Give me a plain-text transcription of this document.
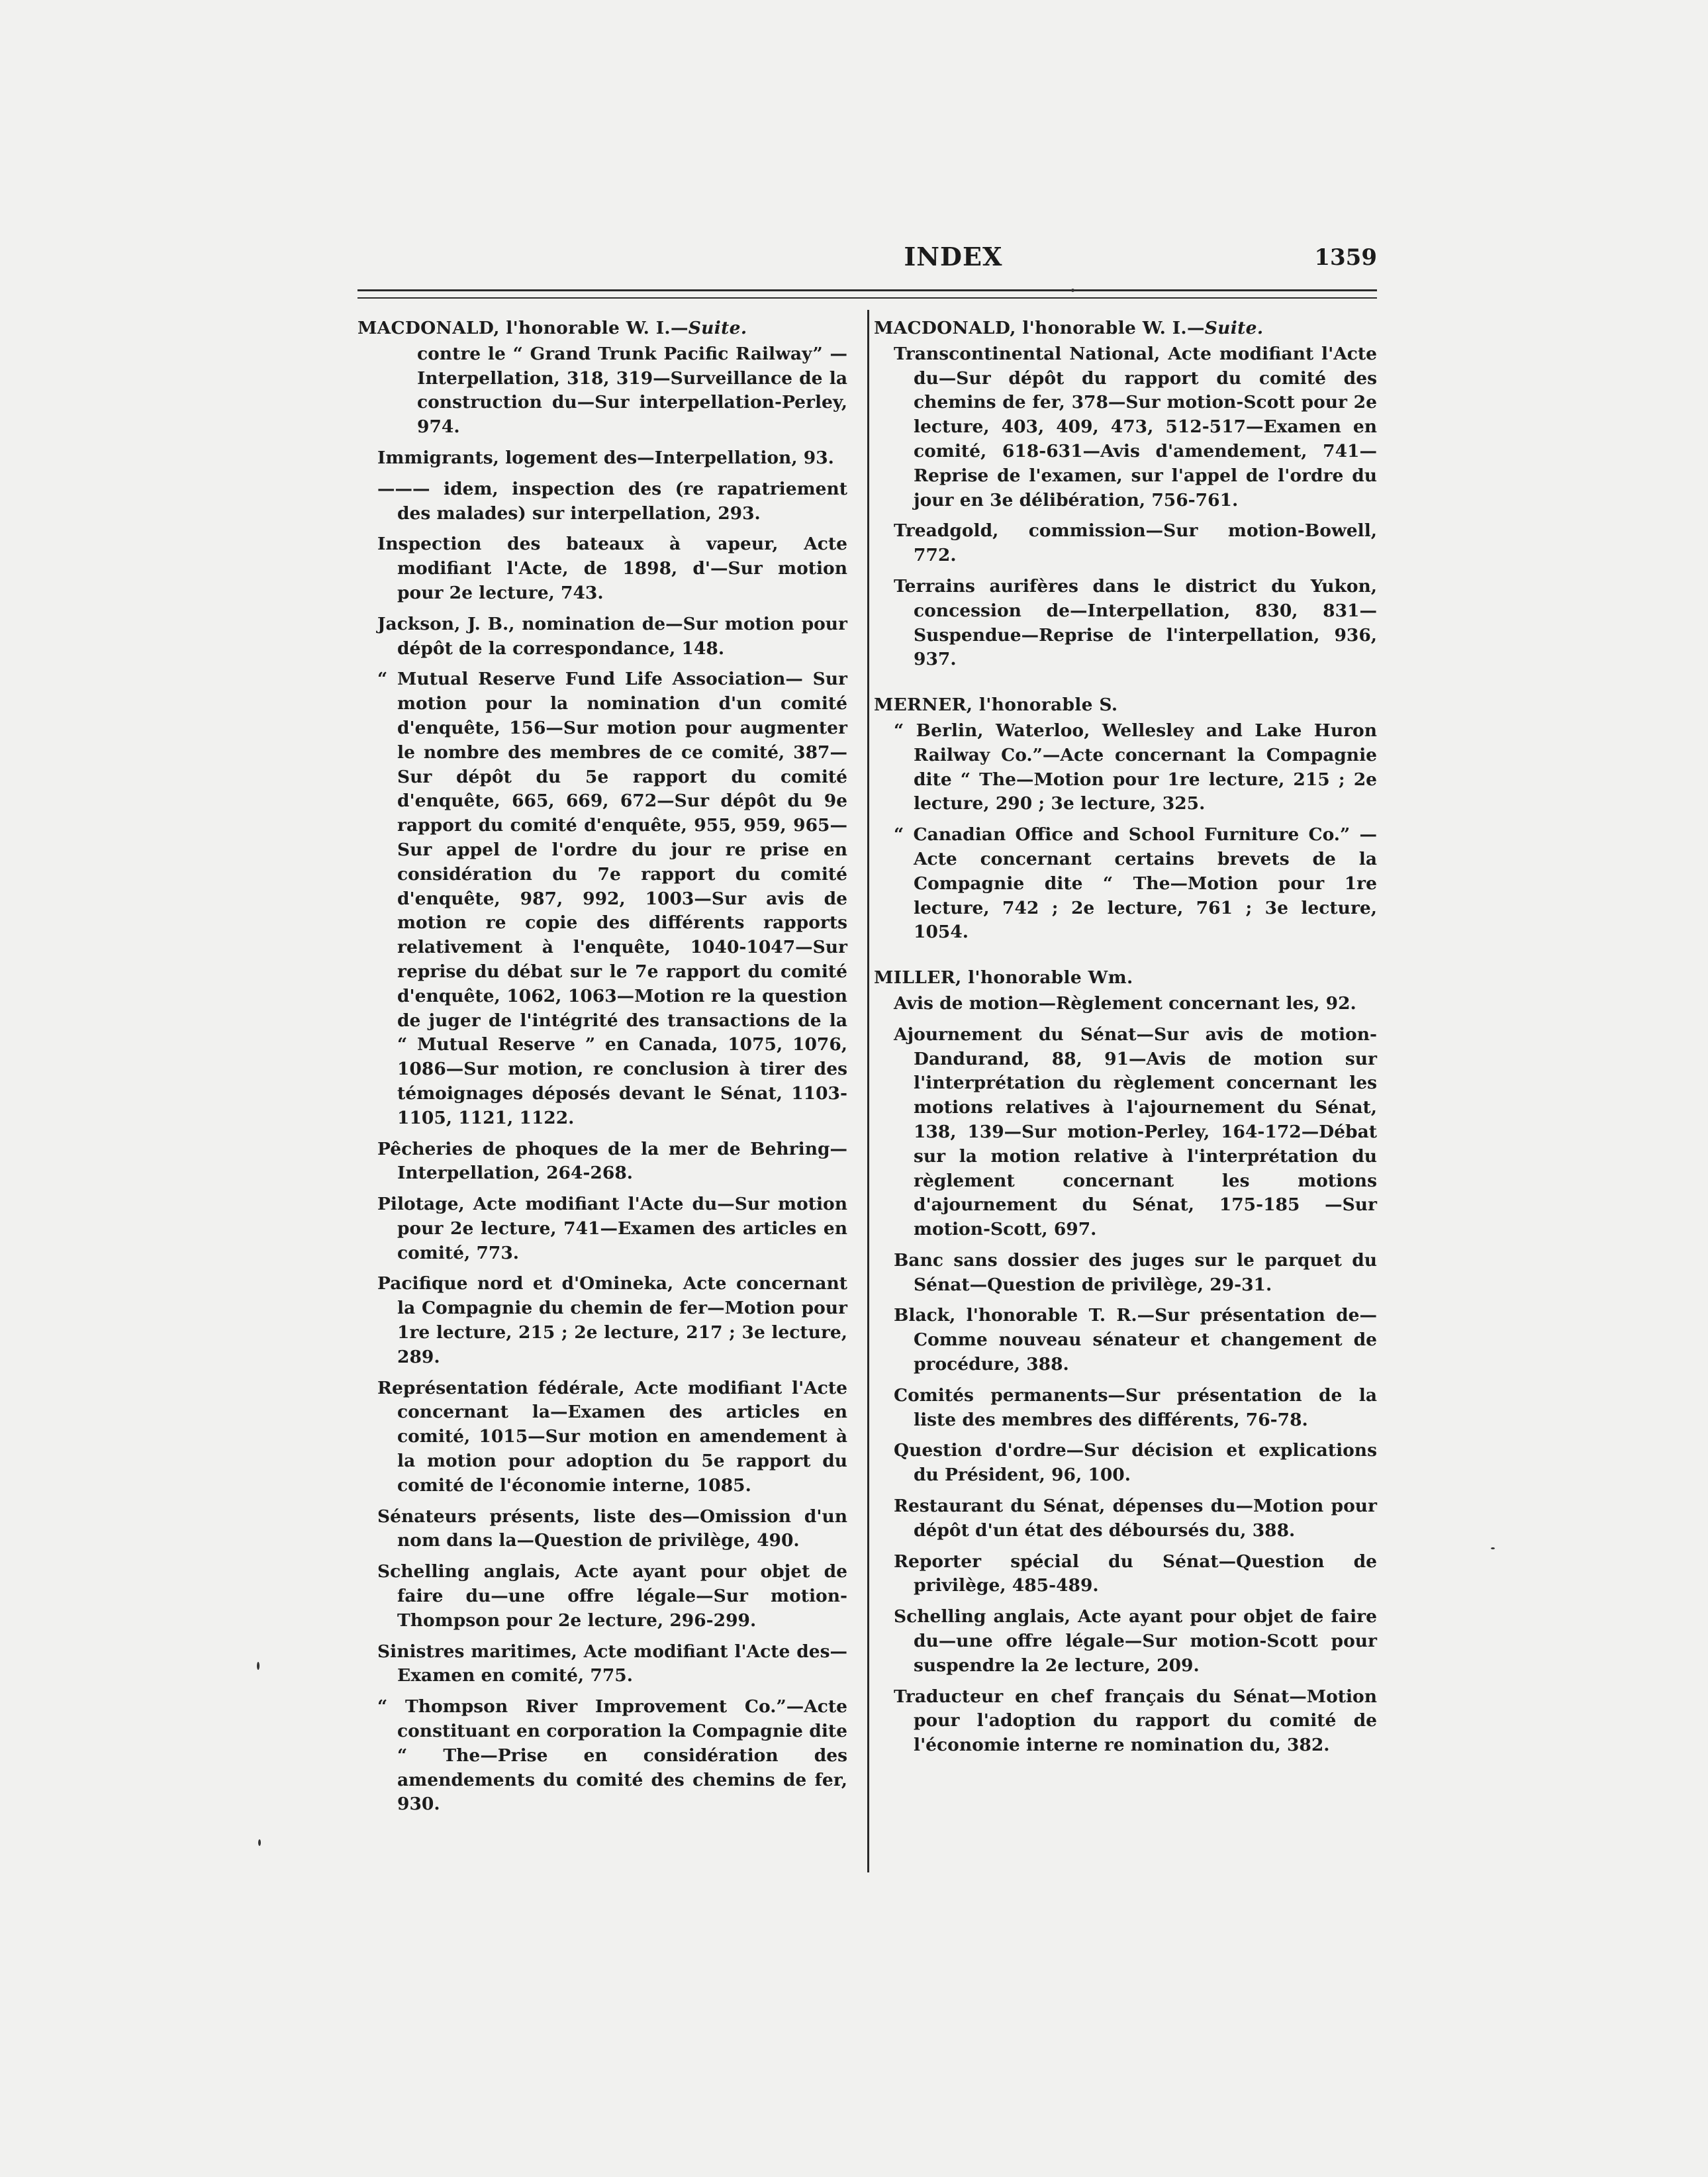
INDEX	1359
MACDONALD, l'honorable W. I.—Suite.
contre le “ Grand Trunk Pacific Railway” —Interpellation, 318, 319—Surveillance de la construction du—Sur interpellation-Perley, 974.
Immigrants, logement des—Interpellation, 93.
——— idem, inspection des (re rapatriement des malades) sur interpellation, 293.
Inspection des bateaux à vapeur, Acte modifiant l'Acte, de 1898, d'—Sur motion pour 2e lecture, 743.
Jackson, J. B., nomination de—Sur motion pour dépôt de la correspondance, 148.
“ Mutual Reserve Fund Life Association— Sur motion pour la nomination d'un comité d'enquête, 156—Sur motion pour augmenter le nombre des membres de ce comité, 387—Sur dépôt du 5e rapport du comité d'enquête, 665, 669, 672—Sur dépôt du 9e rapport du comité d'enquête, 955, 959, 965—Sur appel de l'ordre du jour re prise en considération du 7e rapport du comité d'enquête, 987, 992, 1003—Sur avis de motion re copie des différents rapports relativement à l'enquête, 1040-1047—Sur reprise du débat sur le 7e rapport du comité d'enquête, 1062, 1063—Motion re la question de juger de l'intégrité des transactions de la “ Mutual Reserve ” en Canada, 1075, 1076, 1086—Sur motion, re conclusion à tirer des témoignages déposés devant le Sénat, 1103-1105, 1121, 1122.
Pêcheries de phoques de la mer de Behring—Interpellation, 264-268.
Pilotage, Acte modifiant l'Acte du—Sur motion pour 2e lecture, 741—Examen des articles en comité, 773.
Pacifique nord et d'Omineka, Acte concernant la Compagnie du chemin de fer—Motion pour 1re lecture, 215 ; 2e lecture, 217 ; 3e lecture, 289.
Représentation fédérale, Acte modifiant l'Acte concernant la—Examen des articles en comité, 1015—Sur motion en amendement à la motion pour adoption du 5e rapport du comité de l'économie interne, 1085.
Sénateurs présents, liste des—Omission d'un nom dans la—Question de privilège, 490.
Schelling anglais, Acte ayant pour objet de faire du—une offre légale—Sur motion-Thompson pour 2e lecture, 296-299.
Sinistres maritimes, Acte modifiant l'Acte des—Examen en comité, 775.
“ Thompson River Improvement Co.”—Acte constituant en corporation la Compagnie dite “ The—Prise en considération des amendements du comité des chemins de fer, 930.
MACDONALD, l'honorable W. I.—Suite.
Transcontinental National, Acte modifiant l'Acte du—Sur dépôt du rapport du comité des chemins de fer, 378—Sur motion-Scott pour 2e lecture, 403, 409, 473, 512-517—Examen en comité, 618-631—Avis d'amendement, 741—Reprise de l'examen, sur l'appel de l'ordre du jour en 3e délibération, 756-761.
Treadgold, commission—Sur motion-Bowell, 772.
Terrains aurifères dans le district du Yukon, concession de—Interpellation, 830, 831—Suspendue—Reprise de l'interpellation, 936, 937.
MERNER, l'honorable S.
“ Berlin, Waterloo, Wellesley and Lake Huron Railway Co.”—Acte concernant la Compagnie dite “ The—Motion pour 1re lecture, 215 ; 2e lecture, 290 ; 3e lecture, 325.
“ Canadian Office and School Furniture Co.” —Acte concernant certains brevets de la Compagnie dite “ The—Motion pour 1re lecture, 742 ; 2e lecture, 761 ; 3e lecture, 1054.
MILLER, l'honorable Wm.
Avis de motion—Règlement concernant les, 92.
Ajournement du Sénat—Sur avis de motion-Dandurand, 88, 91—Avis de motion sur l'interprétation du règlement concernant les motions relatives à l'ajournement du Sénat, 138, 139—Sur motion-Perley, 164-172—Débat sur la motion relative à l'interprétation du règlement concernant les motions d'ajournement du Sénat, 175-185 —Sur motion-Scott, 697.
Banc sans dossier des juges sur le parquet du Sénat—Question de privilège, 29-31.
Black, l'honorable T. R.—Sur présentation de—Comme nouveau sénateur et changement de procédure, 388.
Comités permanents—Sur présentation de la liste des membres des différents, 76-78.
Question d'ordre—Sur décision et explications du Président, 96, 100.
Restaurant du Sénat, dépenses du—Motion pour dépôt d'un état des déboursés du, 388.
Reporter spécial du Sénat—Question de privilège, 485-489.
Schelling anglais, Acte ayant pour objet de faire du—une offre légale—Sur motion-Scott pour suspendre la 2e lecture, 209.
Traducteur en chef français du Sénat—Motion pour l'adoption du rapport du comité de l'économie interne re nomination du, 382.
